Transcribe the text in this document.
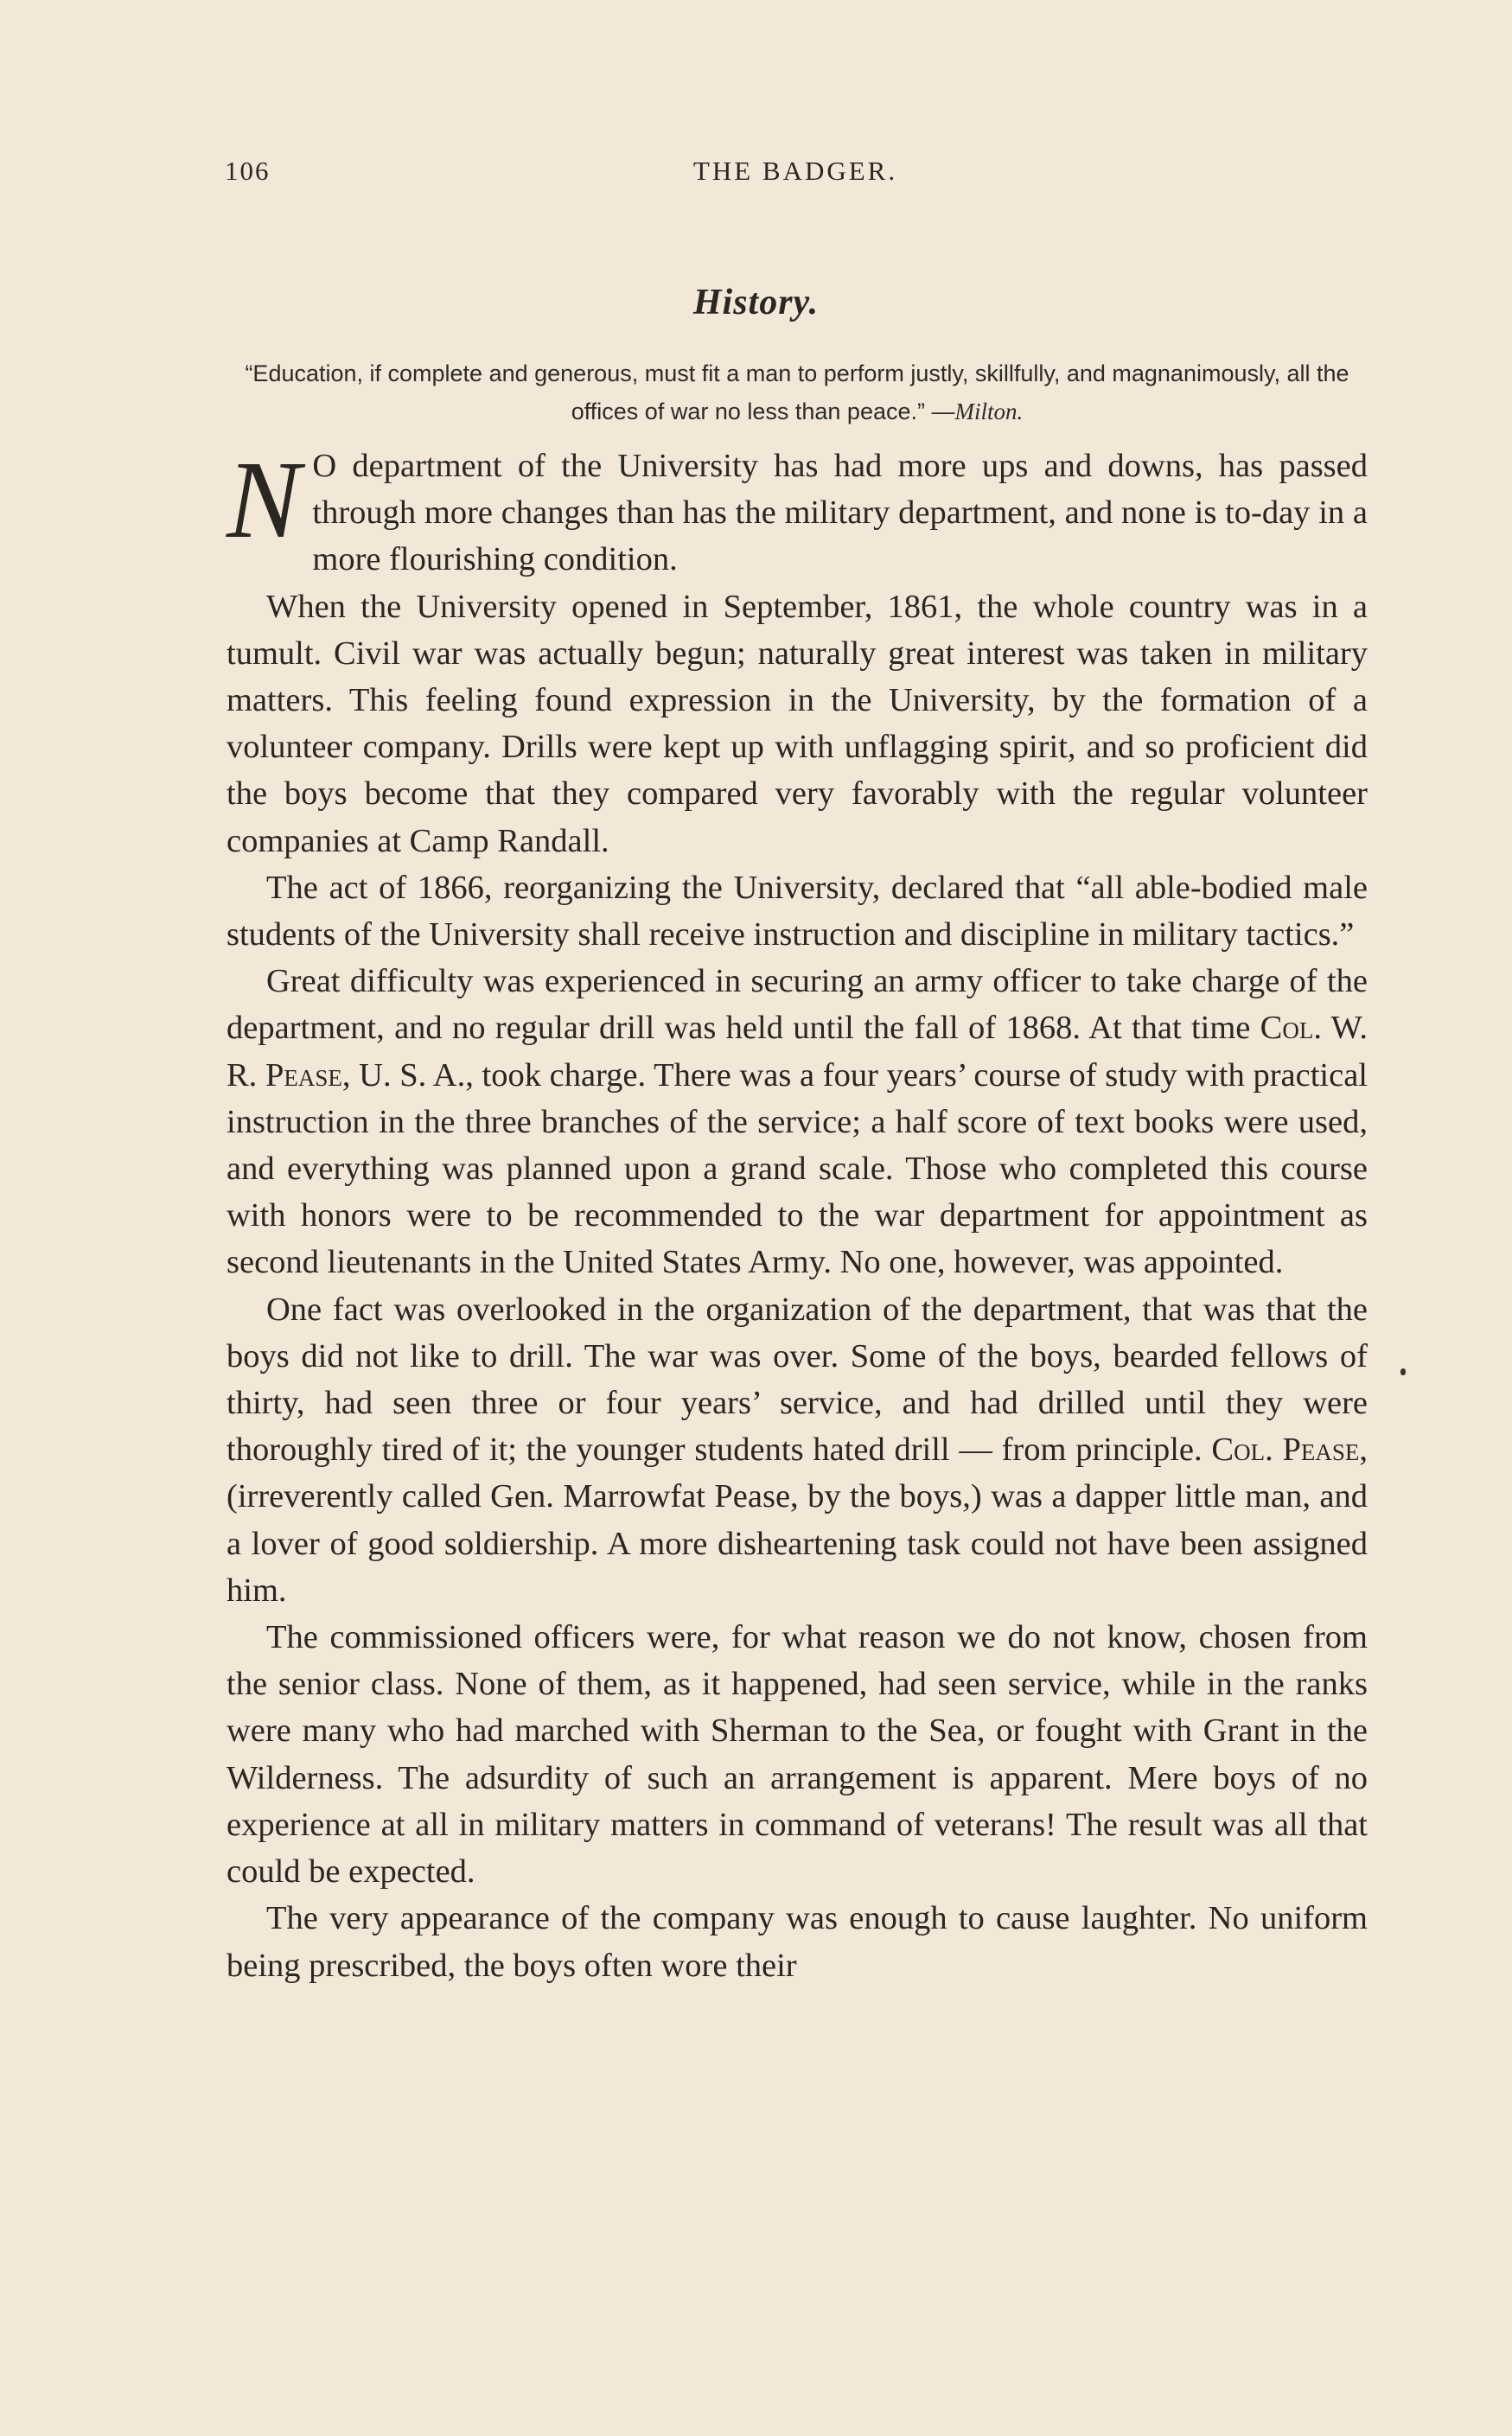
106	THE BADGER.
History.
“Education, if complete and generous, must fit a man to perform justly, skillfully, and magnanimously, all the offices of war no less than peace.” —Milton.

N O department of the University has had more ups and downs, has passed through more changes than has the military department, and none is to-day in a more flourishing condition.

When the University opened in September, 1861, the whole country was in a tumult. Civil war was actually begun; naturally great interest was taken in military matters. This feeling found expression in the University, by the formation of a volunteer company. Drills were kept up with unflagging spirit, and so proficient did the boys become that they compared very favorably with the regular volunteer companies at Camp Randall.

The act of 1866, reorganizing the University, declared that “all able-bodied male students of the University shall receive instruction and discipline in military tactics.”

Great difficulty was experienced in securing an army officer to take charge of the department, and no regular drill was held until the fall of 1868. At that time Col. W. R. Pease, U. S. A., took charge. There was a four years’ course of study with practical instruction in the three branches of the service; a half score of text books were used, and everything was planned upon a grand scale. Those who completed this course with honors were to be recommended to the war department for appointment as second lieutenants in the United States Army. No one, however, was appointed.

One fact was overlooked in the organization of the department, that was that the boys did not like to drill. The war was over. Some of the boys, bearded fellows of thirty, had seen three or four years’ service, and had drilled until they were thoroughly tired of it; the younger students hated drill — from principle. Col. Pease, (irreverently called Gen. Marrowfat Pease, by the boys,) was a dapper little man, and a lover of good soldiership. A more disheartening task could not have been assigned him.

The commissioned officers were, for what reason we do not know, chosen from the senior class. None of them, as it happened, had seen service, while in the ranks were many who had marched with Sherman to the Sea, or fought with Grant in the Wilderness. The adsurdity of such an arrangement is apparent. Mere boys of no experience at all in military matters in command of veterans! The result was all that could be expected.

The very appearance of the company was enough to cause laughter. No uniform being prescribed, the boys often wore their
